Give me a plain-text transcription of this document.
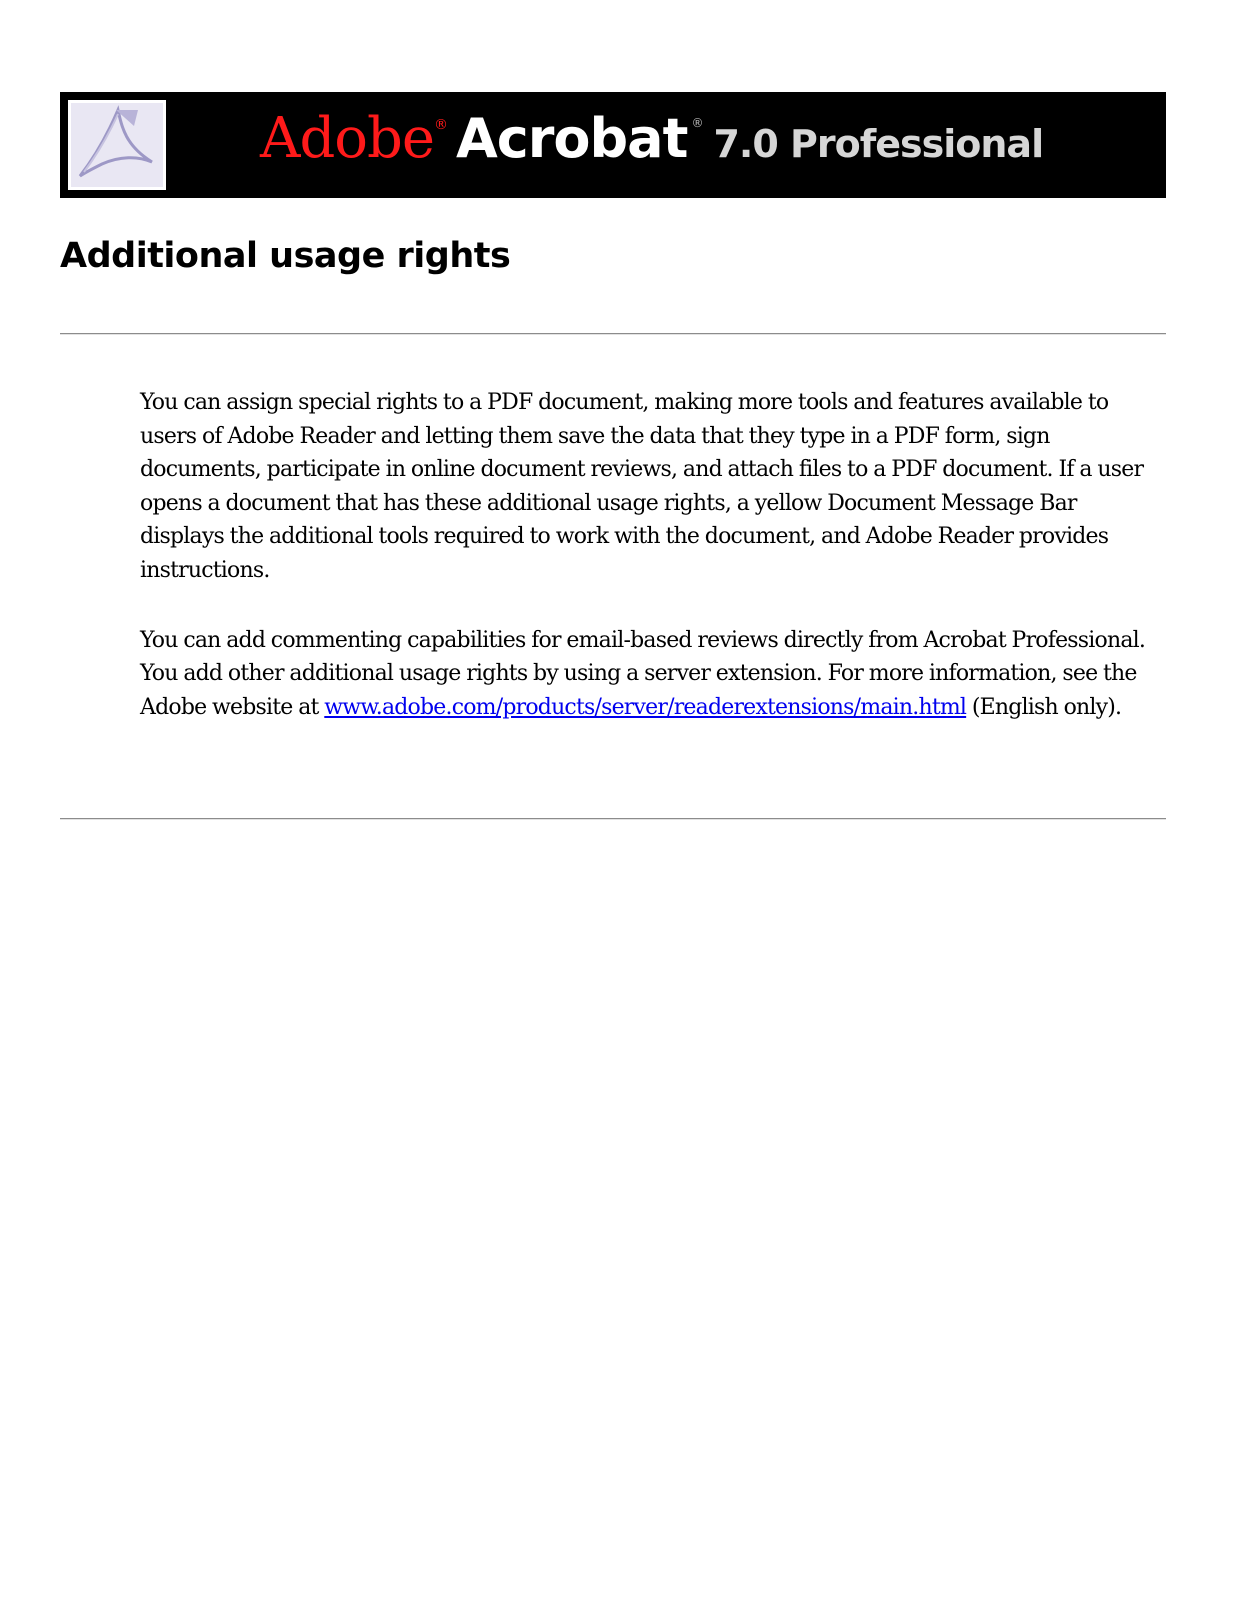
Adobe® Acrobat ® 7.0 Professional
Additional usage rights

You can assign special rights to a PDF document, making more tools and features available to users of Adobe Reader and letting them save the data that they type in a PDF form, sign documents, participate in online document reviews, and attach files to a PDF document. If a user opens a document that has these additional usage rights, a yellow Document Message Bar displays the additional tools required to work with the document, and Adobe Reader provides instructions.

You can add commenting capabilities for email-based reviews directly from Acrobat Professional. You add other additional usage rights by using a server extension. For more information, see the Adobe website at www.adobe.com/products/server/readerextensions/main.html (English only).
